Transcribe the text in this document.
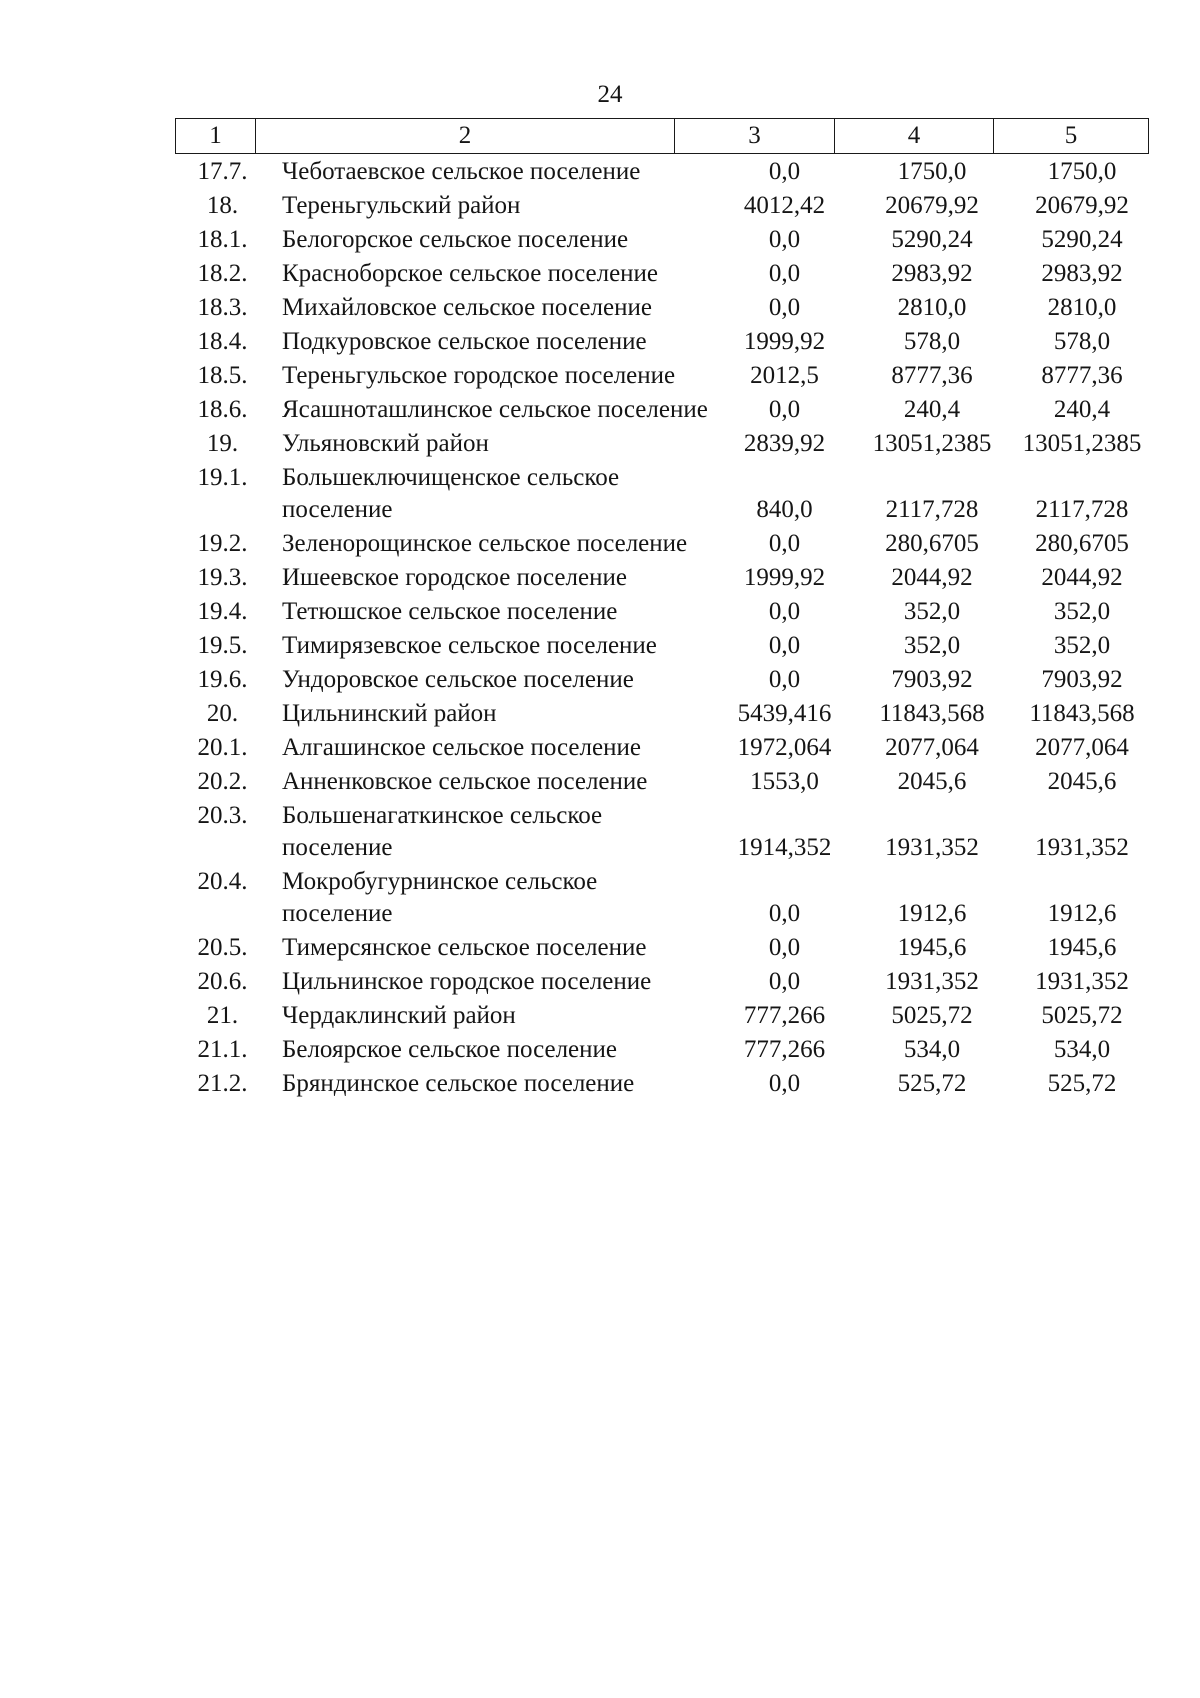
24
1	2	3	4	5
17.7.	Чеботаевское сельское поселение	0,0	1750,0	1750,0
18.	Тереньгульский район	4012,42	20679,92	20679,92
18.1.	Белогорское сельское поселение	0,0	5290,24	5290,24
18.2.	Красноборское сельское поселение	0,0	2983,92	2983,92
18.3.	Михайловское сельское поселение	0,0	2810,0	2810,0
18.4.	Подкуровское сельское поселение	1999,92	578,0	578,0
18.5.	Тереньгульское городское поселение	2012,5	8777,36	8777,36
18.6.	Ясашноташлинское сельское поселение	0,0	240,4	240,4
19.	Ульяновский район	2839,92	13051,2385	13051,2385
19.1.	Большеключищенское сельское поселение	840,0	2117,728	2117,728
19.2.	Зеленорощинское сельское поселение	0,0	280,6705	280,6705
19.3.	Ишеевское городское поселение	1999,92	2044,92	2044,92
19.4.	Тетюшское сельское поселение	0,0	352,0	352,0
19.5.	Тимирязевское сельское поселение	0,0	352,0	352,0
19.6.	Ундоровское сельское поселение	0,0	7903,92	7903,92
20.	Цильнинский район	5439,416	11843,568	11843,568
20.1.	Алгашинское сельское поселение	1972,064	2077,064	2077,064
20.2.	Анненковское сельское поселение	1553,0	2045,6	2045,6
20.3.	Большенагаткинское сельское поселение	1914,352	1931,352	1931,352
20.4.	Мокробугурнинское сельское поселение	0,0	1912,6	1912,6
20.5.	Тимерсянское сельское поселение	0,0	1945,6	1945,6
20.6.	Цильнинское городское поселение	0,0	1931,352	1931,352
21.	Чердаклинский район	777,266	5025,72	5025,72
21.1.	Белоярское сельское поселение	777,266	534,0	534,0
21.2.	Бряндинское сельское поселение	0,0	525,72	525,72
